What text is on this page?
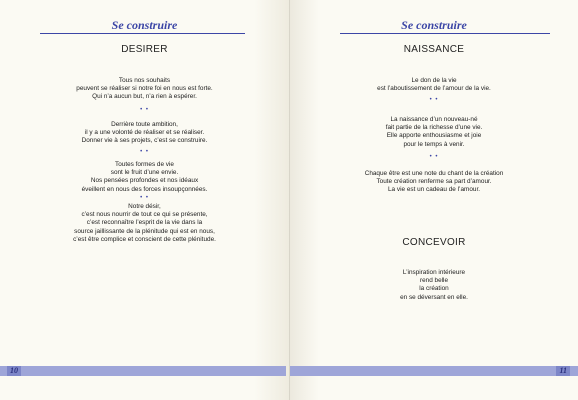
Se construire
DESIRER
Tous nos souhaits
peuvent se réaliser si notre foi en nous est forte.
Qui n’a aucun but, n’a rien à espérer.
• •
Derrière toute ambition,
il y a une volonté de réaliser et se réaliser.
Donner vie à ses projets, c’est se construire.
• •
Toutes formes de vie
sont le fruit d’une envie.
Nos pensées profondes et nos idéaux
éveillent en nous des forces insoupçonnées.
• •
Notre désir,
c’est nous nourrir de tout ce qui se présente,
c’est reconnaître l’esprit de la vie dans la
source jaillissante de la plénitude qui est en nous,
c’est être complice et conscient de cette plénitude.
10
Se construire
NAISSANCE
Le don de la vie
est l’aboutissement de l’amour de la vie.
• •
La naissance d’un nouveau-né
fait partie de la richesse d’une vie.
Elle apporte enthousiasme et joie
pour le temps à venir.
• •
Chaque être est une note du chant de la création
Toute création renferme sa part d’amour.
La vie est un cadeau de l’amour.
CONCEVOIR
L’inspiration intérieure
rend belle
la création
en se déversant en elle.
11
